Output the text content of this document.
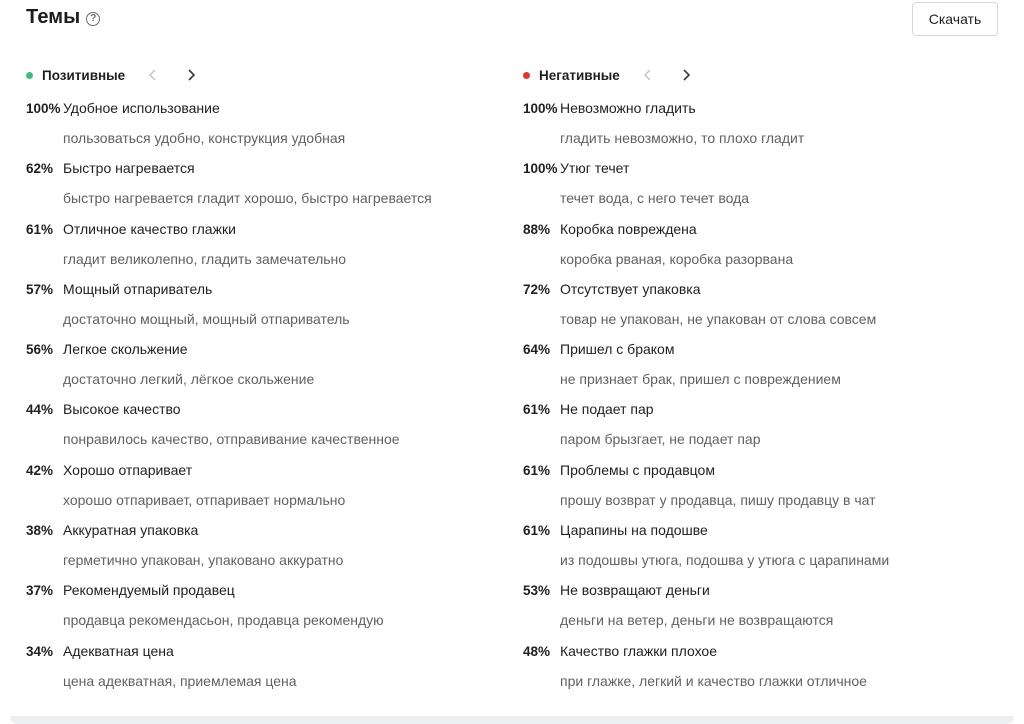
Темы ?	Скачать
Позитивные
100% Удобное использование
пользоваться удобно, конструкция удобная
62% Быстро нагревается
быстро нагревается гладит хорошо, быстро нагревается
61% Отличное качество глажки
гладит великолепно, гладить замечательно
57% Мощный отпариватель
достаточно мощный, мощный отпариватель
56% Легкое скольжение
достаточно легкий, лёгкое скольжение
44% Высокое качество
понравилось качество, отправивание качественное
42% Хорошо отпаривает
хорошо отпаривает, отпаривает нормально
38% Аккуратная упаковка
герметично упакован, упаковано аккуратно
37% Рекомендуемый продавец
продавца рекомендасьон, продавца рекомендую
34% Адекватная цена
цена адекватная, приемлемая цена
Негативные
100% Невозможно гладить
гладить невозможно, то плохо гладит
100% Утюг течет
течет вода, с него течет вода
88% Коробка повреждена
коробка рваная, коробка разорвана
72% Отсутствует упаковка
товар не упакован, не упакован от слова совсем
64% Пришел с браком
не признает брак, пришел с повреждением
61% Не подает пар
паром брызгает, не подает пар
61% Проблемы с продавцом
прошу возврат у продавца, пишу продавцу в чат
61% Царапины на подошве
из подошвы утюга, подошва у утюга с царапинами
53% Не возвращают деньги
деньги на ветер, деньги не возвращаются
48% Качество глажки плохое
при глажке, легкий и качество глажки отличное
